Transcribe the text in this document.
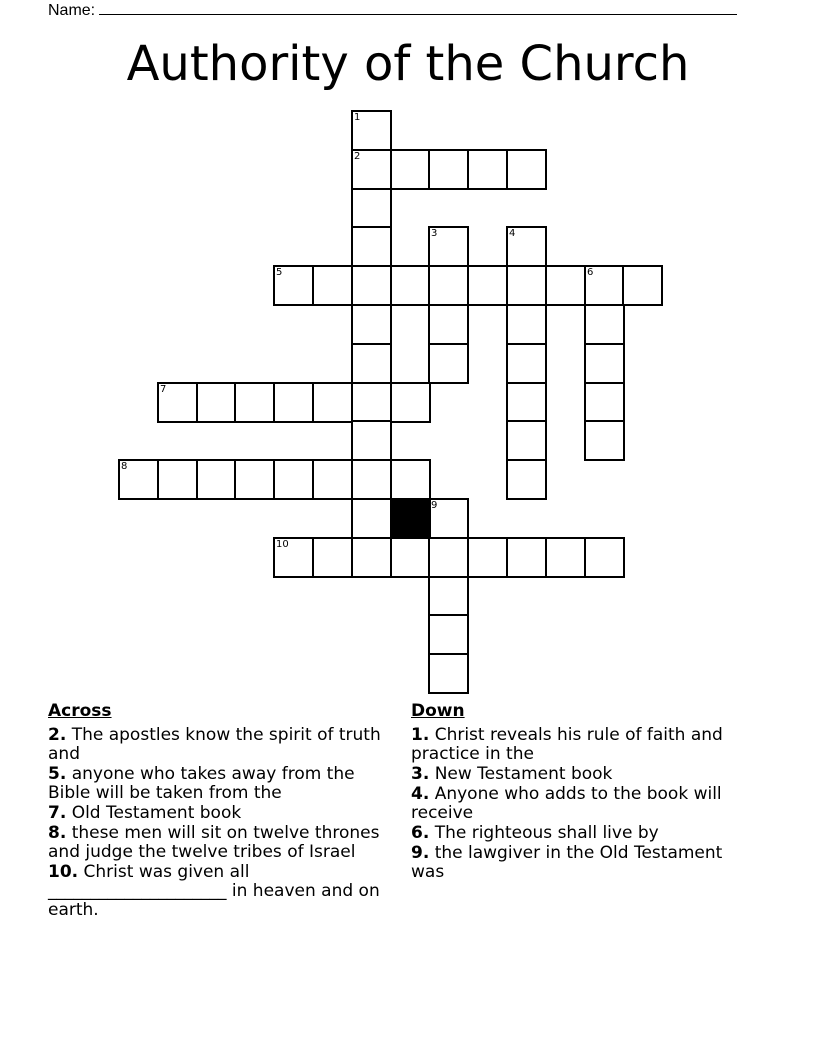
Name:
Authority of the Church
1
2
3	4
5	6
7
8
9
10
Across
2. The apostles know the spirit of truth and
5. anyone who takes away from the Bible will be taken from the
7. Old Testament book
8. these men will sit on twelve thrones and judge the twelve tribes of Israel
10. Christ was given all _____________________ in heaven and on earth.
Down
1. Christ reveals his rule of faith and practice in the
3. New Testament book
4. Anyone who adds to the book will receive
6. The righteous shall live by
9. the lawgiver in the Old Testament was
